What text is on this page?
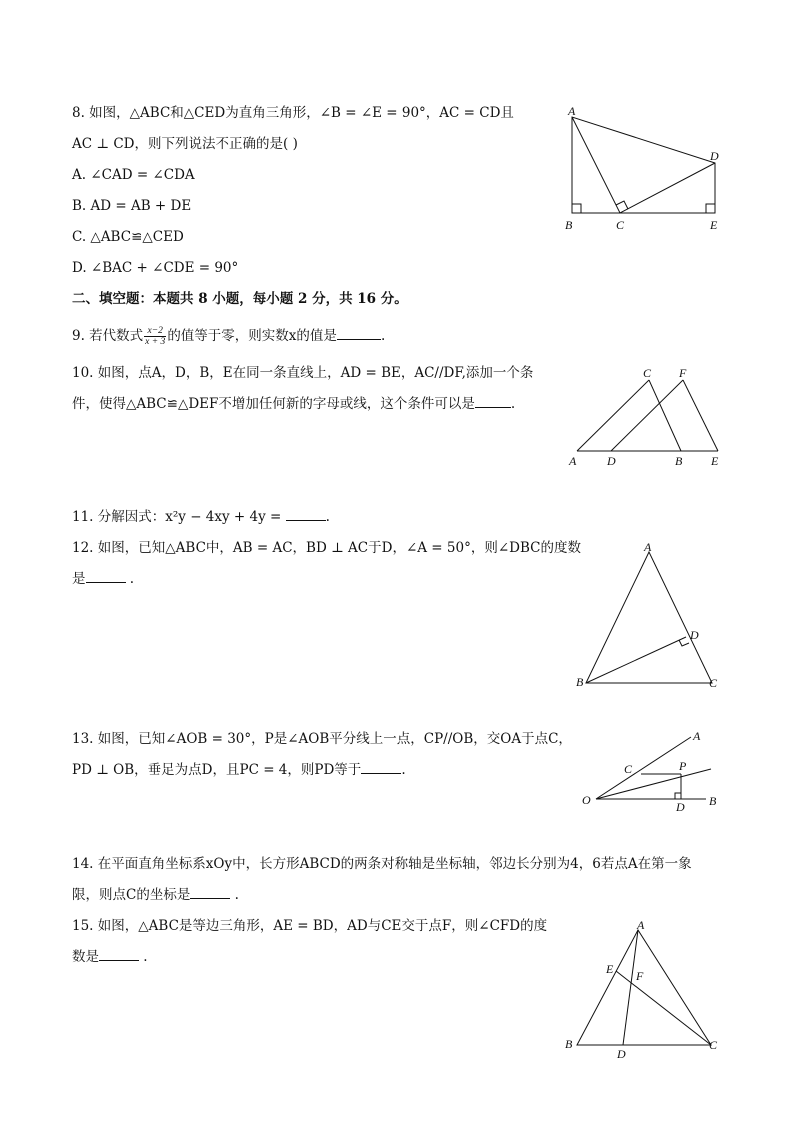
8. 如图，△ABC和△CED为直角三角形，∠B = ∠E = 90°，AC = CD且
AC ⊥ CD，则下列说法不正确的是( )
A. ∠CAD = ∠CDA
B. AD = AB + DE
C. △ABC≌△CED
D. ∠BAC + ∠CDE = 90°
A
B	C
D
E
二、填空题：本题共 8 小题，每小题 2 分，共 16 分。
9. 若代数式 $\frac{x-2}{x + 3}$ 的值等于零，则实数x的值是	.
10. 如图，点A，D，B，E在同一条直线上，AD = BE，AC//DF,添加一个条
件，使得△ABC≌△DEF不增加任何新的字母或线，这个条件可以是	.
A	D	B E
C F
11. 分解因式：x²y − 4xy + 4y =	.
12. 如图，已知△ABC中，AB = AC，BD ⊥ AC于D，∠A = 50°，则∠DBC的度数
是	.
A
B	C
D
13. 如图，已知∠AOB = 30°，P是∠AOB平分线上一点，CP//OB，交OA于点C，
PD ⊥ OB，垂足为点D，且PC = 4，则PD等于	.
A
C	P
O	D B
14. 在平面直角坐标系xOy中，长方形ABCD的两条对称轴是坐标轴，邻边长分别为4，6若点A在第一象
限，则点C的坐标是	.
15. 如图，△ABC是等边三角形，AE = BD，AD与CE交于点F，则∠CFD的度
数是	.
A
E F
B
D
C
